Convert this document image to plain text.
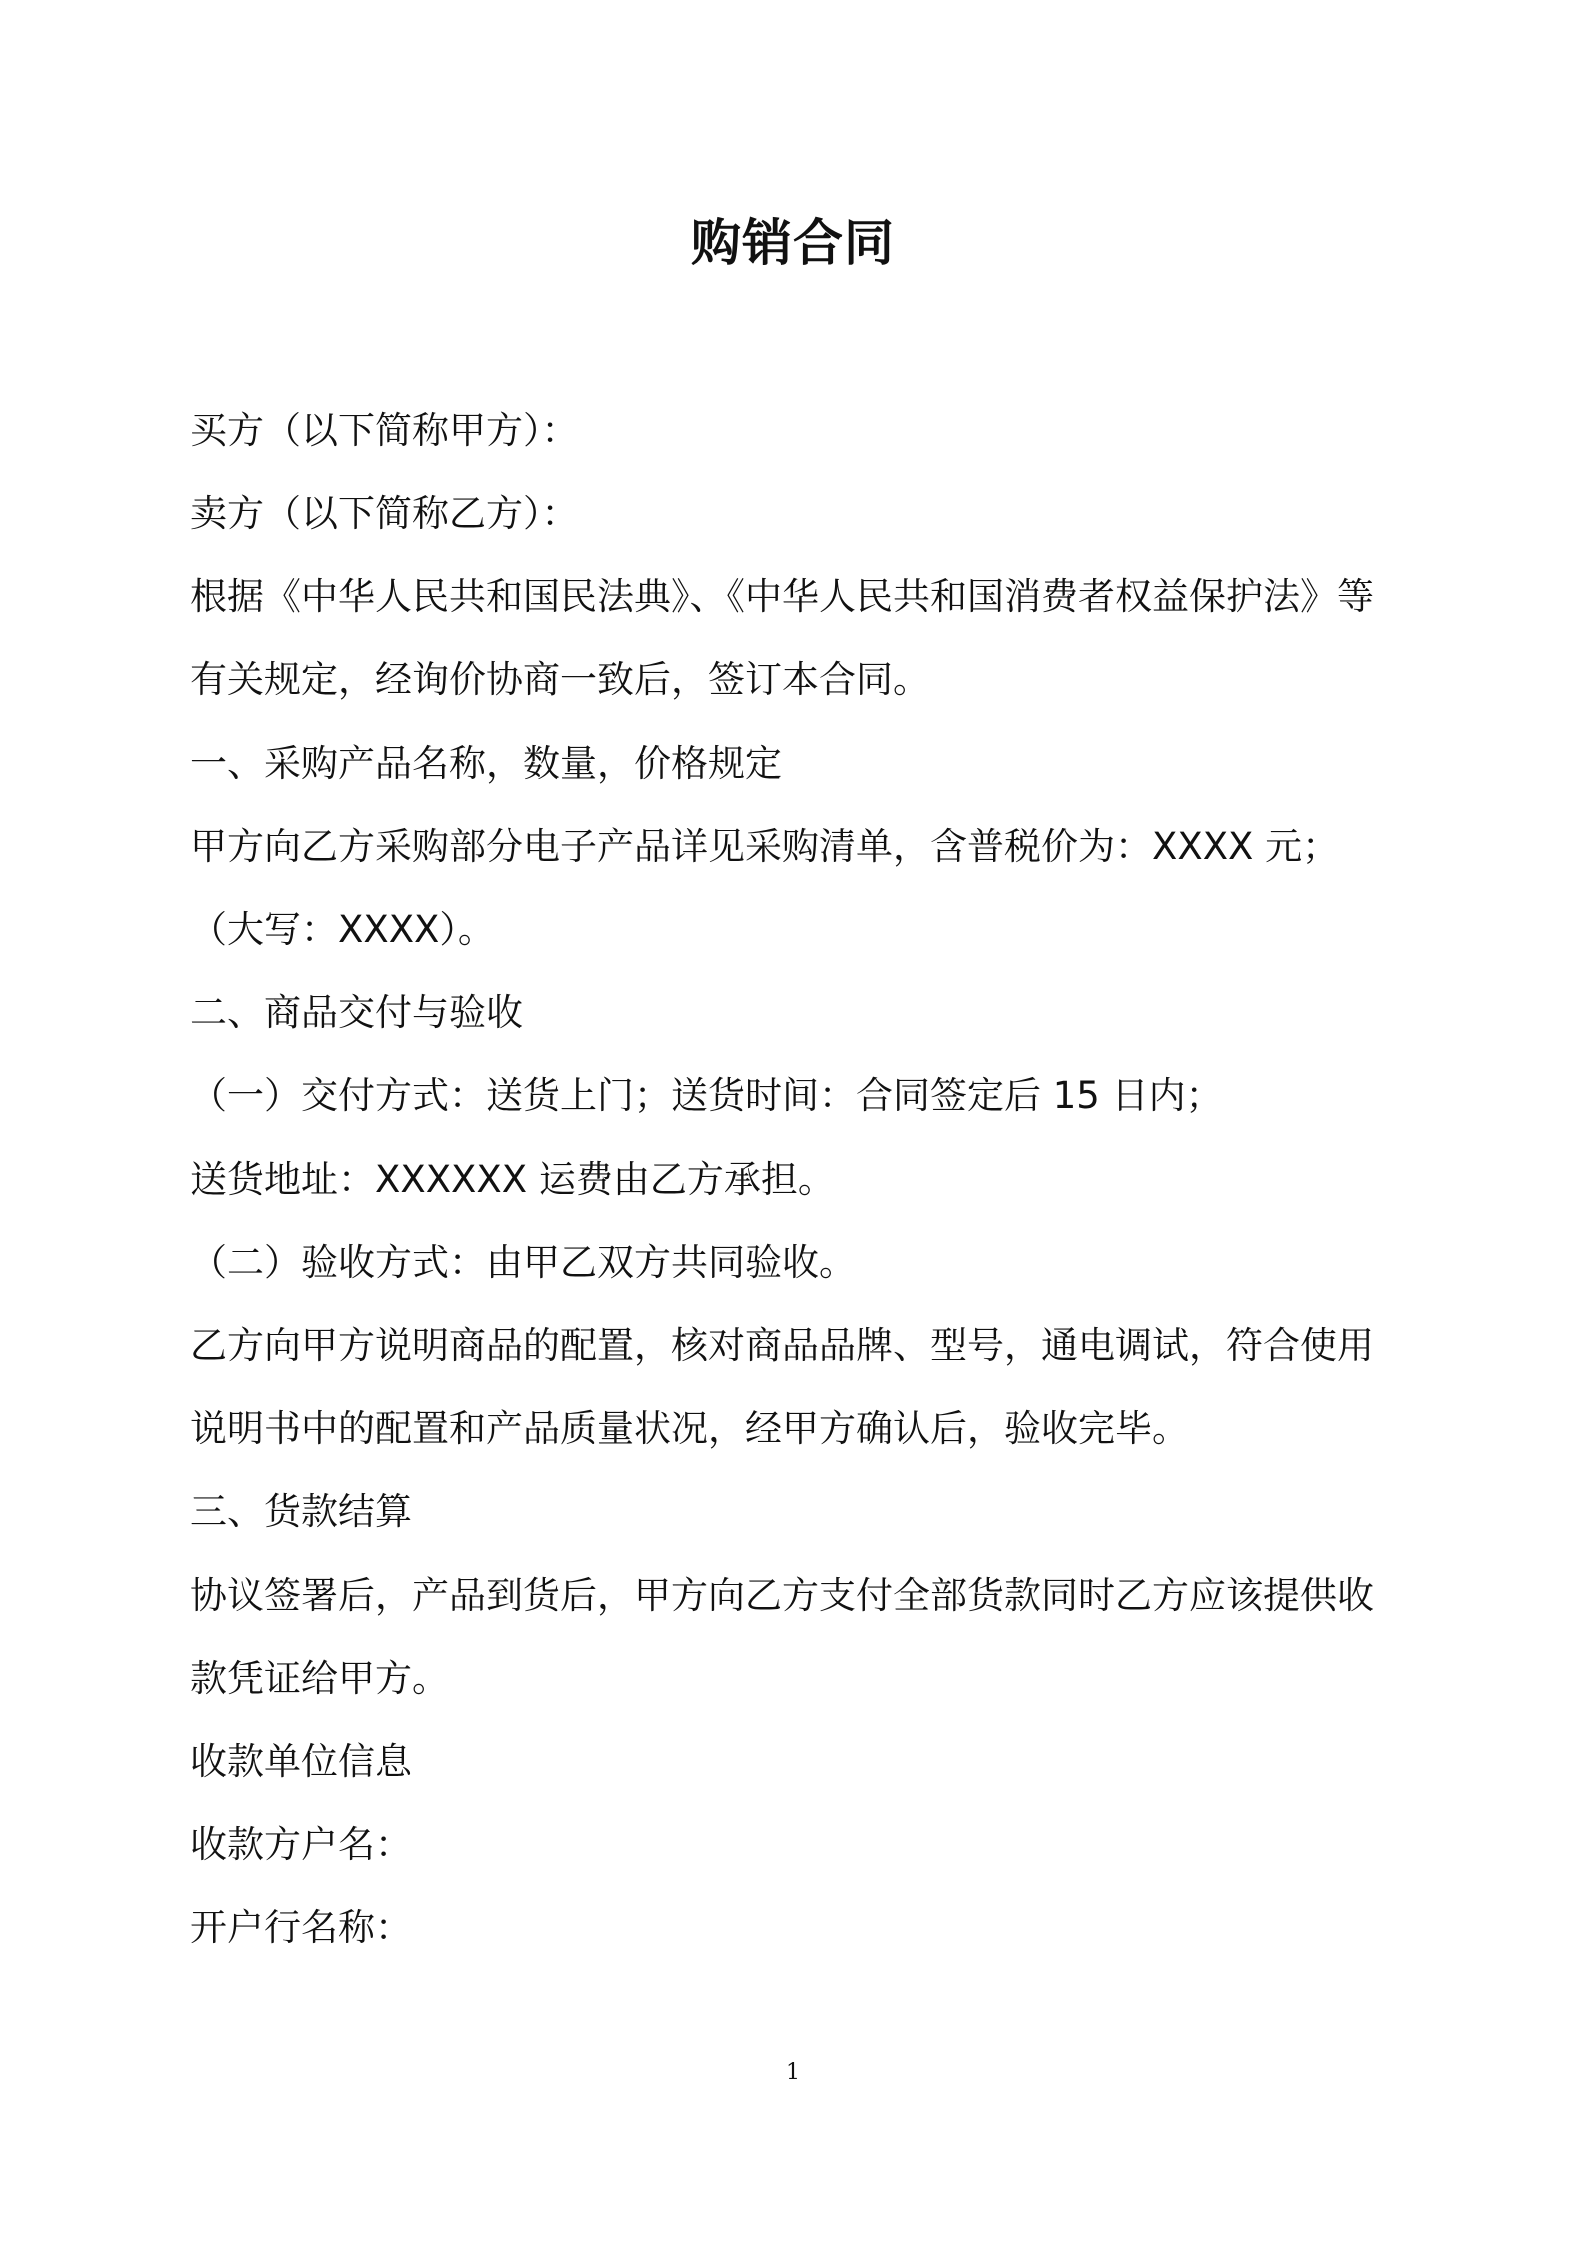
购销合同
买方（以下简称甲方）：
卖方（以下简称乙方）：
根据《中华人民共和国民法典》、《中华人民共和国消费者权益保护法》等
有关规定，经询价协商一致后，签订本合同。
一、采购产品名称，数量，价格规定
甲方向乙方采购部分电子产品详见采购清单，含普税价为：XXXX 元；
（大写：XXXX）。
二、商品交付与验收
（一）交付方式：送货上门；送货时间：合同签定后 15 日内；
送货地址：XXXXXX 运费由乙方承担。
（二）验收方式：由甲乙双方共同验收。
乙方向甲方说明商品的配置，核对商品品牌、型号，通电调试，符合使用
说明书中的配置和产品质量状况，经甲方确认后，验收完毕。
三、货款结算
协议签署后，产品到货后，甲方向乙方支付全部货款同时乙方应该提供收
款凭证给甲方。
收款单位信息
收款方户名：
开户行名称：
1
